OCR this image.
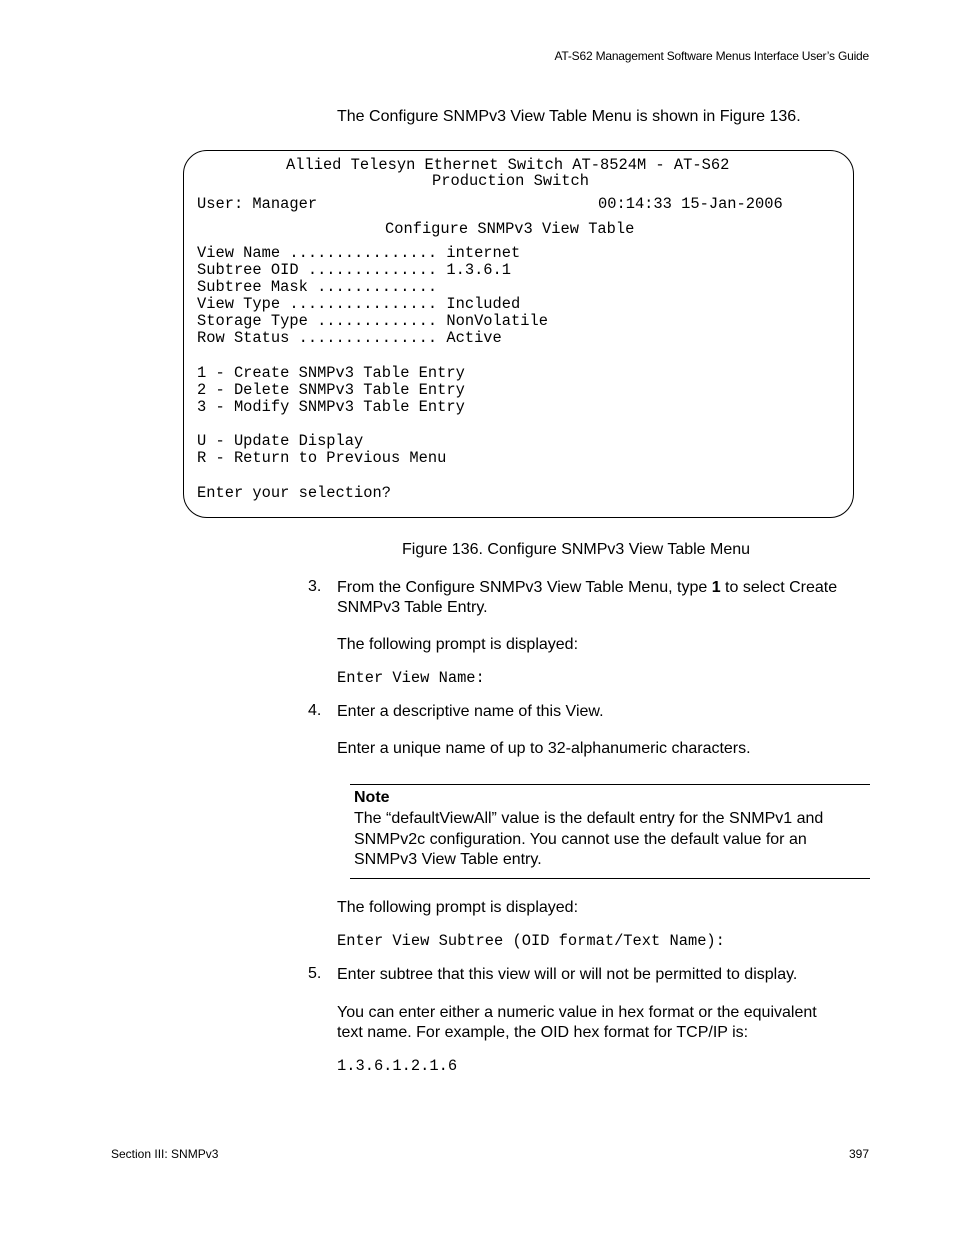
AT-S62 Management Software Menus Interface User’s Guide
The Configure SNMPv3 View Table Menu is shown in Figure 136.
Allied Telesyn Ethernet Switch AT-8524M - AT-S62
Production Switch
User: Manager	00:14:33 15-Jan-2006
Configure SNMPv3 View Table
View Name ................ internet
Subtree OID .............. 1.3.6.1
Subtree Mask .............
View Type ................ Included
Storage Type ............. NonVolatile
Row Status ............... Active
1 - Create SNMPv3 Table Entry
2 - Delete SNMPv3 Table Entry
3 - Modify SNMPv3 Table Entry
U - Update Display
R - Return to Previous Menu
Enter your selection?
Figure 136. Configure SNMPv3 View Table Menu
3. From the Configure SNMPv3 View Table Menu, type 1 to select Create
SNMPv3 Table Entry.
The following prompt is displayed:
Enter View Name:
4. Enter a descriptive name of this View.
Enter a unique name of up to 32-alphanumeric characters.
Note
The “defaultViewAll” value is the default entry for the SNMPv1 and SNMPv2c configuration. You cannot use the default value for an SNMPv3 View Table entry.
The following prompt is displayed:
Enter View Subtree (OID format/Text Name):
5. Enter subtree that this view will or will not be permitted to display.
You can enter either a numeric value in hex format or the equivalent
text name. For example, the OID hex format for TCP/IP is:
1.3.6.1.2.1.6
Section III: SNMPv3	397
